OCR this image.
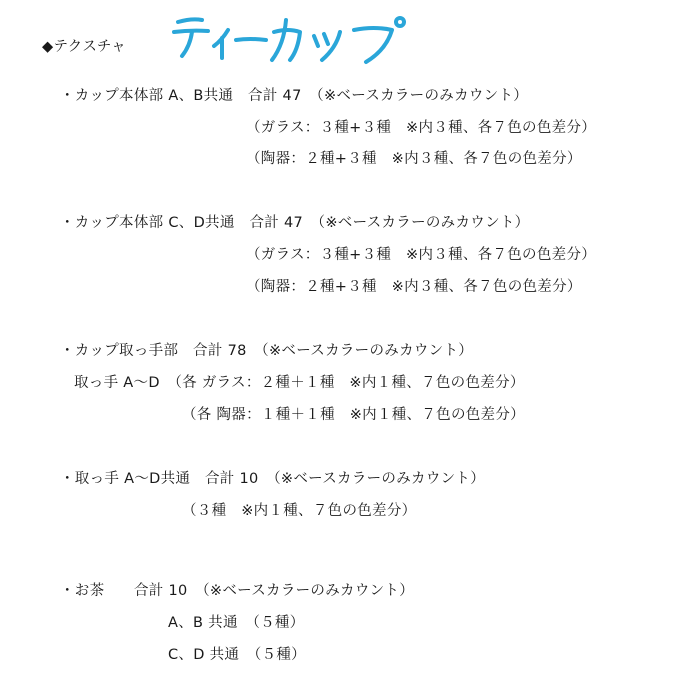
◆テクスチャ
・カップ本体部 A、B共通　合計 47　（※ベースカラーのみカウント）
（ガラス：３種+３種　※内３種、各７色の色差分）
（陶器：２種+３種　※内３種、各７色の色差分）
・カップ本体部 C、D共通　合計 47　（※ベースカラーのみカウント）
（ガラス：３種+３種　※内３種、各７色の色差分）
（陶器：２種+３種　※内３種、各７色の色差分）
・カップ取っ手部　合計 78　（※ベースカラーのみカウント）
取っ手 A～D　（各 ガラス：２種＋１種　※内１種、７色の色差分）
（各 陶器：１種＋１種　※内１種、７色の色差分）
・取っ手 A～D共通　合計 10　（※ベースカラーのみカウント）
（３種　※内１種、７色の色差分）
・お茶　　合計 10　（※ベースカラーのみカウント）
A、B 共通　（５種）
C、D 共通　（５種）
